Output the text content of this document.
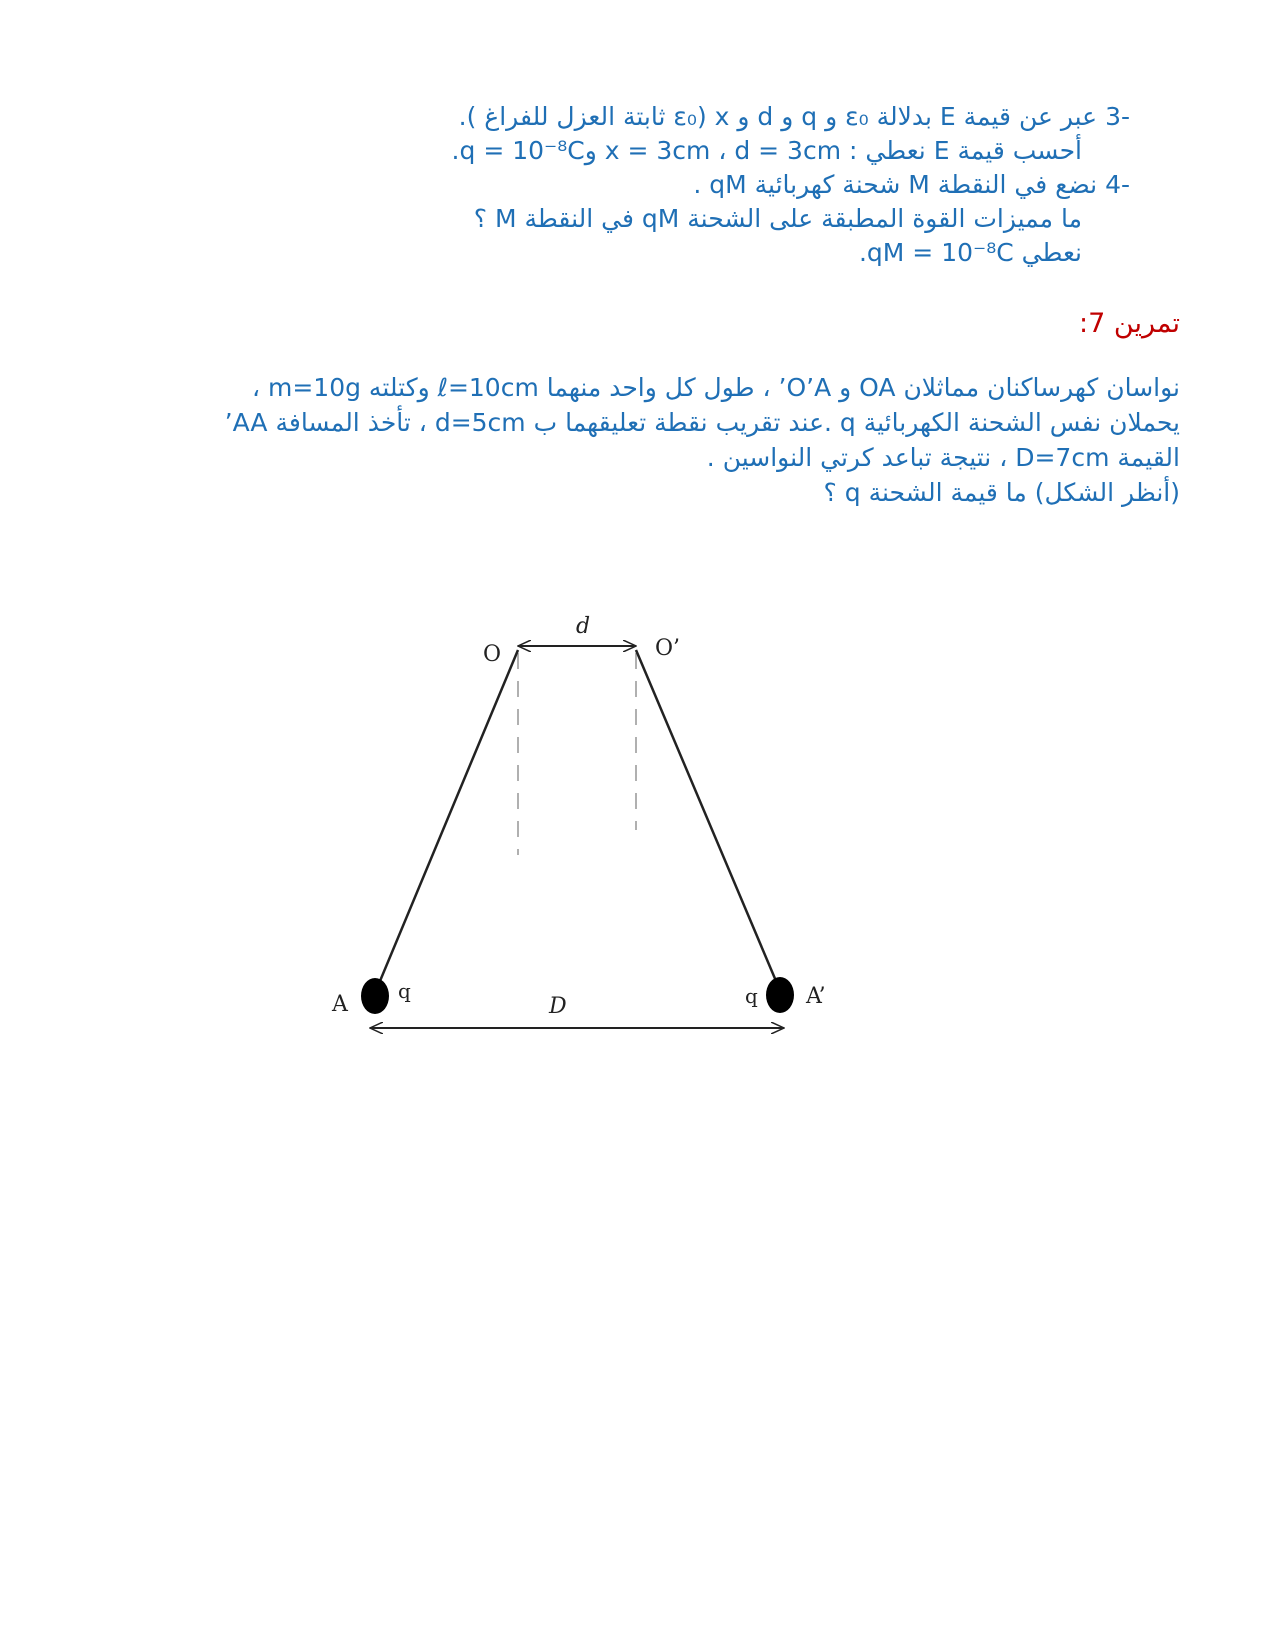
-3 عبر عن قيمة E بدلالة ε₀ و q و d و x (ε₀ ثابتة العزل للفراغ ).
أحسب قيمة E نعطي : x = 3cm ، d = 3cm وq = 10⁻⁸C.
-4 نضع في النقطة M شحنة كهربائية qM .
ما مميزات القوة المطبقة على الشحنة qM في النقطة M ؟
نعطي qM = 10⁻⁸C.
تمرين 7:
نواسان كهرساكنان مماثلان OA و O’A’ ، طول كل واحد منهما ℓ=10cm وكتلته m=10g ،
يحملان نفس الشحنة الكهربائية q .عند تقريب نقطة تعليقهما ب d=5cm ، تأخذ المسافة AA’
القيمة D=7cm ، نتيجة تباعد كرتي النواسين .
(أنظر الشكل) ما قيمة الشحنة q ؟
O	O’
d
A
q	q A’
D
